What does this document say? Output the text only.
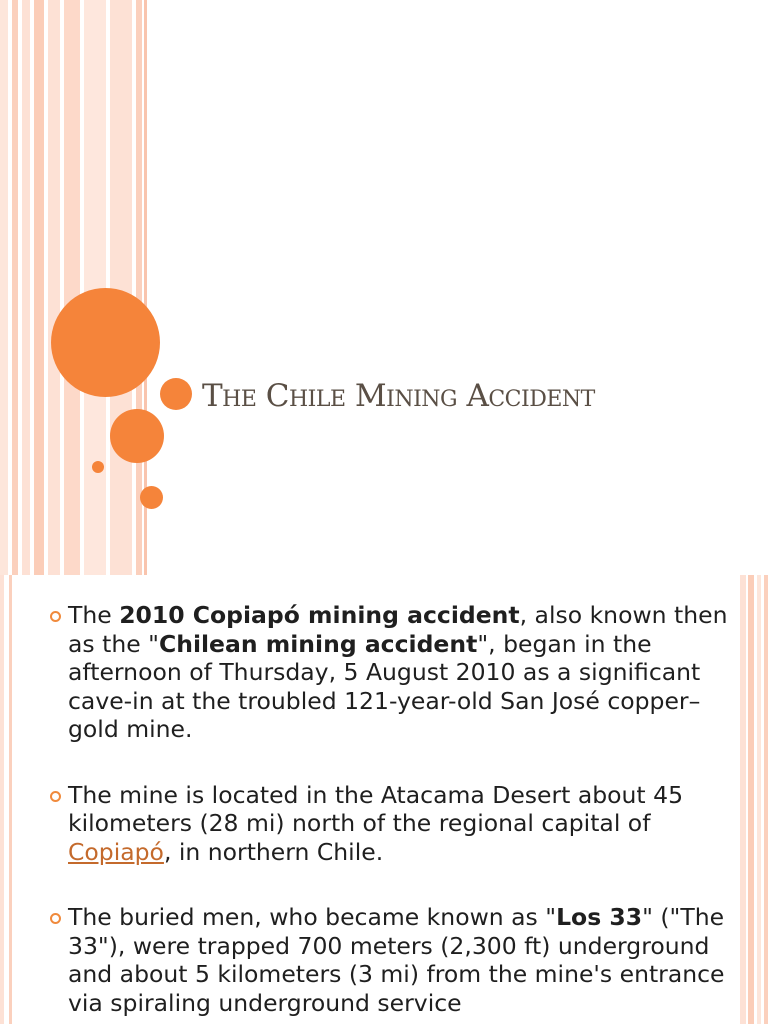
The Chile Mining Accident
The 2010 Copiapó mining accident, also known then as the "Chilean mining accident", began in the afternoon of Thursday, 5 August 2010 as a significant cave-in at the troubled 121-year-old San José copper–gold mine.
The mine is located in the Atacama Desert about 45 kilometers (28 mi) north of the regional capital of Copiapó, in northern Chile.
The buried men, who became known as "Los 33" ("The 33"), were trapped 700 meters (2,300 ft) underground and about 5 kilometers (3 mi) from the mine's entrance via spiraling underground service
